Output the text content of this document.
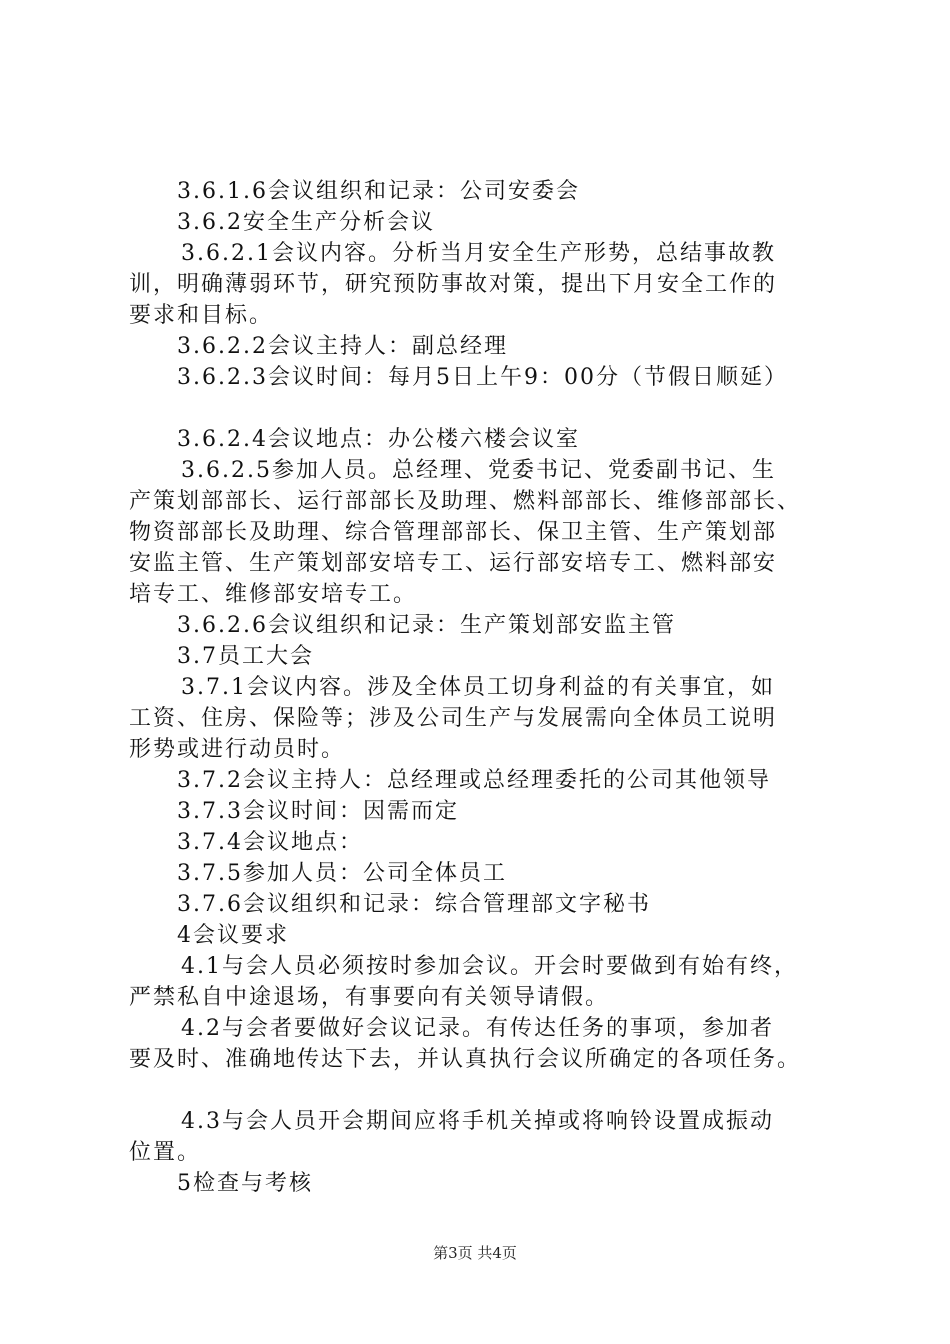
3.6.1.6会议组织和记录：公司安委会
3.6.2安全生产分析会议
3.6.2.1会议内容。分析当月安全生产形势，总结事故教
训，明确薄弱环节，研究预防事故对策，提出下月安全工作的
要求和目标。
3.6.2.2会议主持人：副总经理
3.6.2.3会议时间：每月5日上午9：00分（节假日顺延）
3.6.2.4会议地点：办公楼六楼会议室
3.6.2.5参加人员。总经理、党委书记、党委副书记、生
产策划部部长、运行部部长及助理、燃料部部长、维修部部长、
物资部部长及助理、综合管理部部长、保卫主管、生产策划部
安监主管、生产策划部安培专工、运行部安培专工、燃料部安
培专工、维修部安培专工。
3.6.2.6会议组织和记录：生产策划部安监主管
3.7员工大会
3.7.1会议内容。涉及全体员工切身利益的有关事宜，如
工资、住房、保险等；涉及公司生产与发展需向全体员工说明
形势或进行动员时。
3.7.2会议主持人：总经理或总经理委托的公司其他领导
3.7.3会议时间：因需而定
3.7.4会议地点：
3.7.5参加人员：公司全体员工
3.7.6会议组织和记录：综合管理部文字秘书
4会议要求
4.1与会人员必须按时参加会议。开会时要做到有始有终，
严禁私自中途退场，有事要向有关领导请假。
4.2与会者要做好会议记录。有传达任务的事项，参加者
要及时、准确地传达下去，并认真执行会议所确定的各项任务。
4.3与会人员开会期间应将手机关掉或将响铃设置成振动
位置。
5检查与考核
第3页 共4页
